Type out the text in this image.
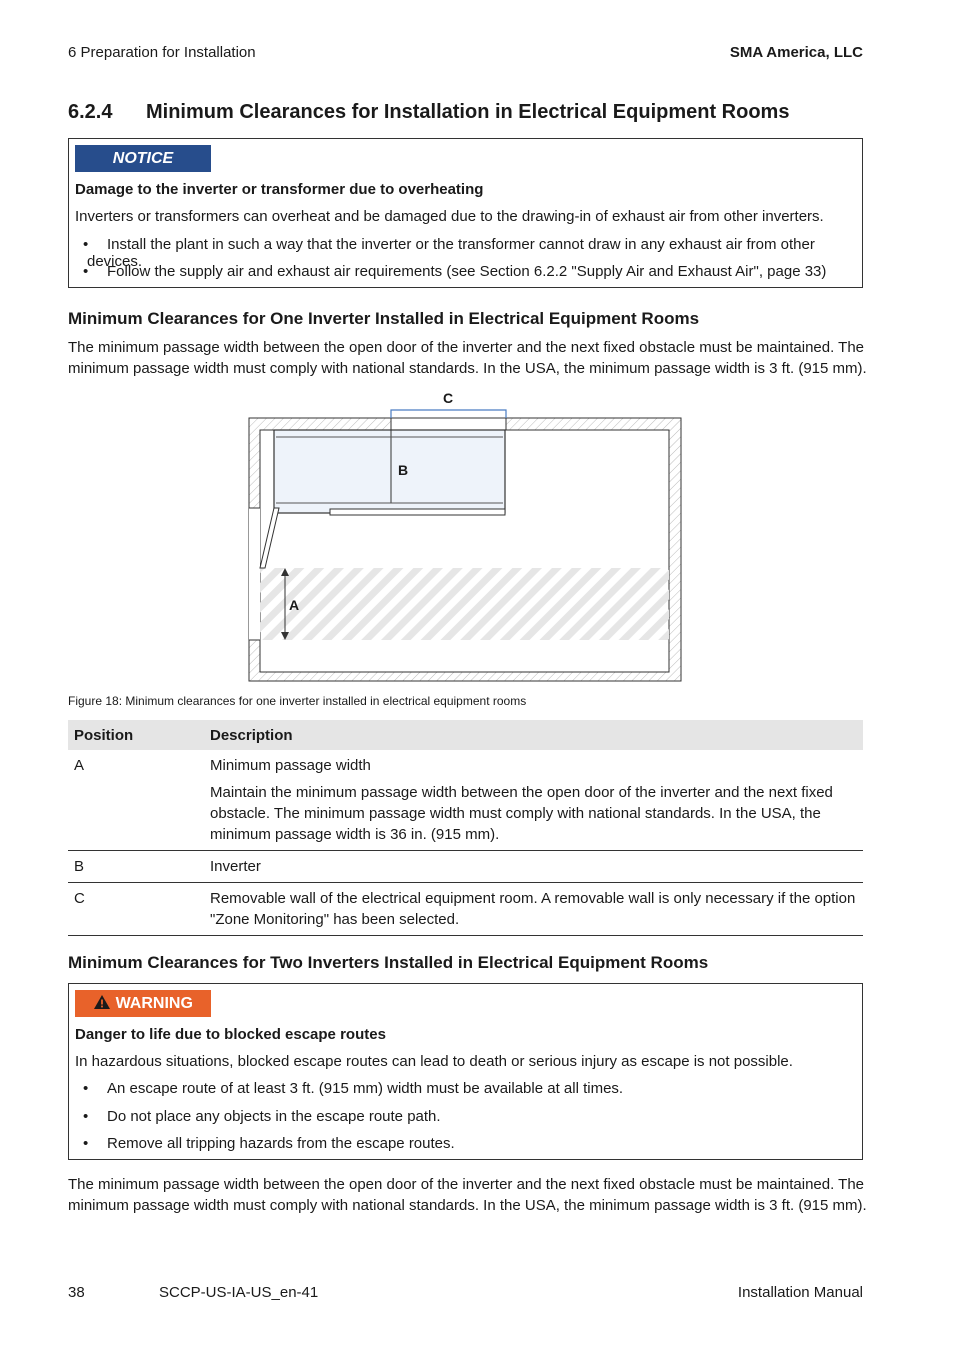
6 Preparation for Installation	SMA America, LLC
6.2.4 Minimum Clearances for Installation in Electrical Equipment Rooms
NOTICE
Damage to the inverter or transformer due to overheating
Inverters or transformers can overheat and be damaged due to the drawing-in of exhaust air from other inverters.
• Install the plant in such a way that the inverter or the transformer cannot draw in any exhaust air from other devices.
• Follow the supply air and exhaust air requirements (see Section 6.2.2 "Supply Air and Exhaust Air", page 33)
Minimum Clearances for One Inverter Installed in Electrical Equipment Rooms
The minimum passage width between the open door of the inverter and the next fixed obstacle must be maintained. The minimum passage width must comply with national standards. In the USA, the minimum passage width is 3 ft. (915 mm).
C
B
A
Figure 18: Minimum clearances for one inverter installed in electrical equipment rooms
Position	Description
A	Minimum passage width
Maintain the minimum passage width between the open door of the inverter and the next fixed obstacle. The minimum passage width must comply with national standards. In the USA, the minimum passage width is 36 in. (915 mm).

B	Inverter
C	Removable wall of the electrical equipment room. A removable wall is only necessary if the option "Zone Monitoring" has been selected.
Minimum Clearances for Two Inverters Installed in Electrical Equipment Rooms
WARNING
Danger to life due to blocked escape routes
In hazardous situations, blocked escape routes can lead to death or serious injury as escape is not possible.
• An escape route of at least 3 ft. (915 mm) width must be available at all times.
• Do not place any objects in the escape route path.
• Remove all tripping hazards from the escape routes.
The minimum passage width between the open door of the inverter and the next fixed obstacle must be maintained. The minimum passage width must comply with national standards. In the USA, the minimum passage width is 3 ft. (915 mm).
38	SCCP-US-IA-US_en-41	Installation Manual
